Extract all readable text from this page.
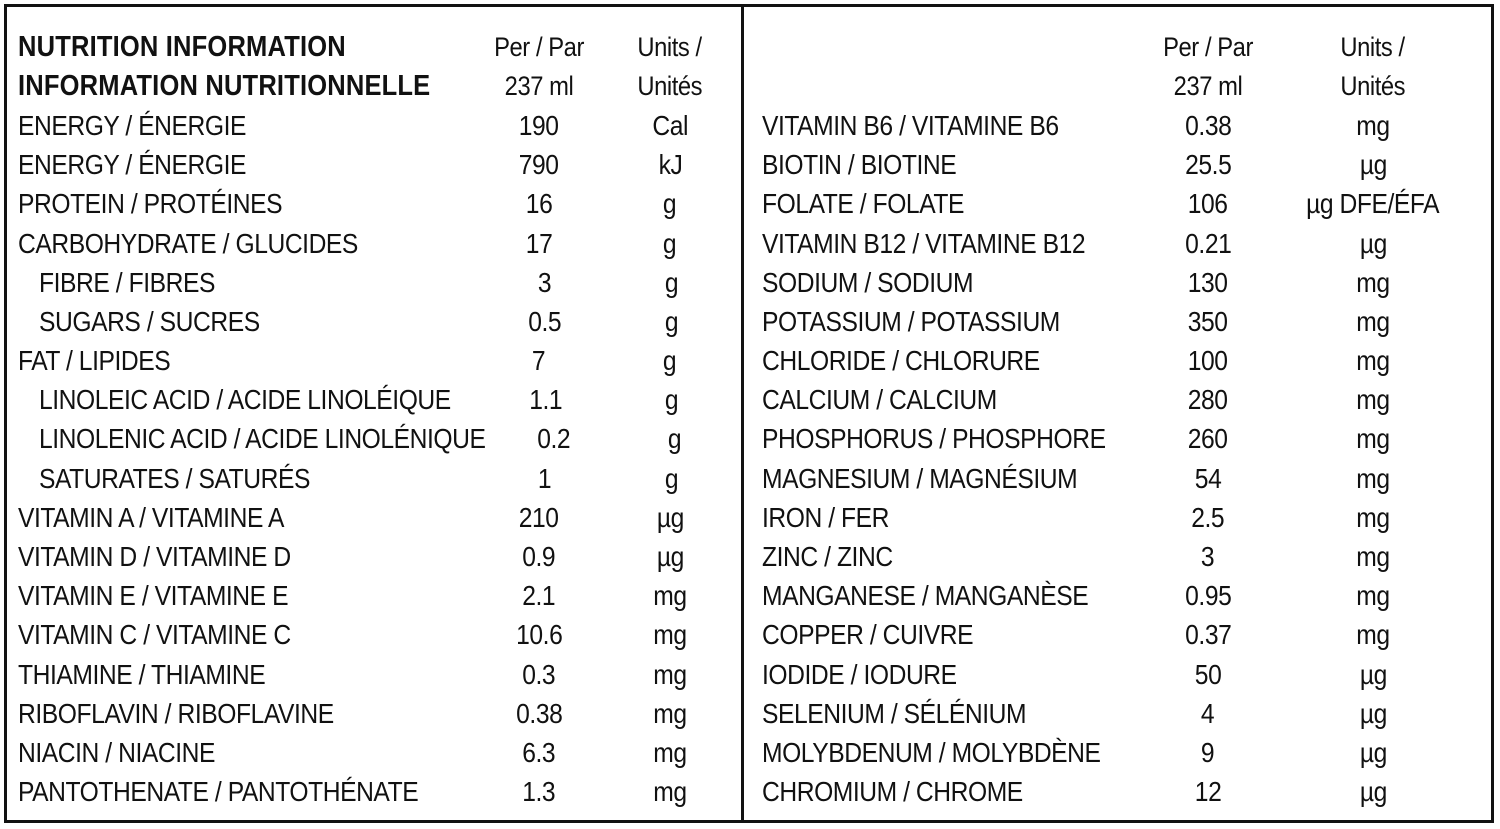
NUTRITION INFORMATION	Per / Par	Units /
INFORMATION NUTRITIONNELLE	237 ml	Unités
ENERGY / ÉNERGIE	190	Cal
ENERGY / ÉNERGIE	790	kJ
PROTEIN / PROTÉINES	16	g
CARBOHYDRATE / GLUCIDES	17	g
FIBRE / FIBRES	3	g
SUGARS / SUCRES	0.5	g
FAT / LIPIDES	7	g
LINOLEIC ACID / ACIDE LINOLÉIQUE	1.1	g
LINOLENIC ACID / ACIDE LINOLÉNIQUE	0.2	g
SATURATES / SATURÉS	1	g
VITAMIN A / VITAMINE A	210	µg
VITAMIN D / VITAMINE D	0.9	µg
VITAMIN E / VITAMINE E	2.1	mg
VITAMIN C / VITAMINE C	10.6	mg
THIAMINE / THIAMINE	0.3	mg
RIBOFLAVIN / RIBOFLAVINE	0.38	mg
NIACIN / NIACINE	6.3	mg
PANTOTHENATE / PANTOTHÉNATE	1.3	mg
Per / Par	Units /
237 ml	Unités
VITAMIN B6 / VITAMINE B6	0.38	mg
BIOTIN / BIOTINE	25.5	µg
FOLATE / FOLATE	106	µg DFE/ÉFA
VITAMIN B12 / VITAMINE B12	0.21	µg
SODIUM / SODIUM	130	mg
POTASSIUM / POTASSIUM	350	mg
CHLORIDE / CHLORURE	100	mg
CALCIUM / CALCIUM	280	mg
PHOSPHORUS / PHOSPHORE	260	mg
MAGNESIUM / MAGNÉSIUM	54	mg
IRON / FER	2.5	mg
ZINC / ZINC	3	mg
MANGANESE / MANGANÈSE	0.95	mg
COPPER / CUIVRE	0.37	mg
IODIDE / IODURE	50	µg
SELENIUM / SÉLÉNIUM	4	µg
MOLYBDENUM / MOLYBDÈNE	9	µg
CHROMIUM / CHROME	12	µg
